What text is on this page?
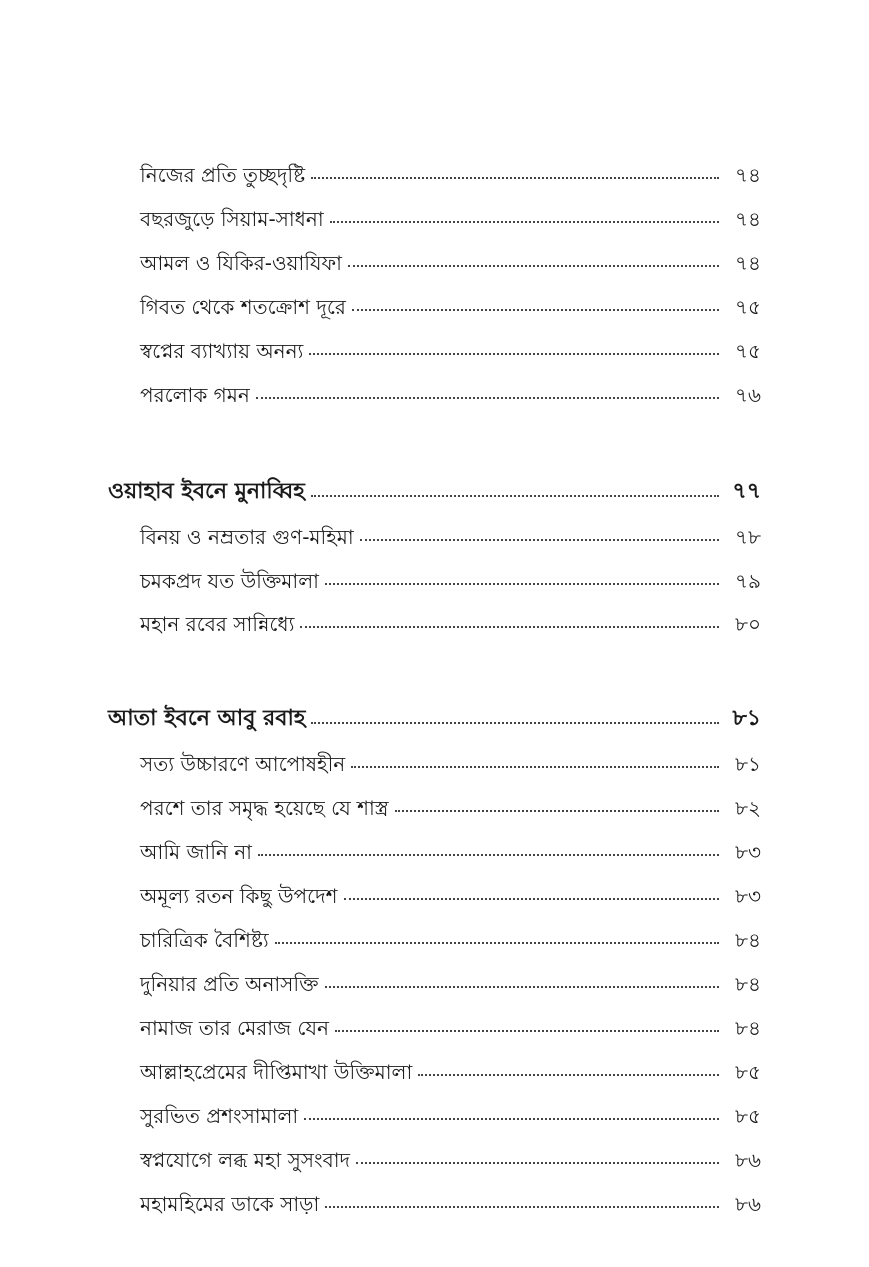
নিজের প্রতি তুচ্ছদৃষ্টি	৭৪
বছরজুড়ে সিয়াম-সাধনা	৭৪
আমল ও যিকির-ওয়াযিফা	৭৪
গিবত থেকে শতক্রোশ দূরে	৭৫
স্বপ্নের ব্যাখ্যায় অনন্য	৭৫
পরলোক গমন	৭৬
ওয়াহাব ইবনে মুনাব্বিহ	৭৭
বিনয় ও নম্রতার গুণ-মহিমা	৭৮
চমকপ্রদ যত উক্তিমালা	৭৯
মহান রবের সান্নিধ্যে	৮০
আতা ইবনে আবু রবাহ	৮১
সত্য উচ্চারণে আপোষহীন	৮১
পরশে তার সমৃদ্ধ হয়েছে যে শাস্ত্র	৮২
আমি জানি না	৮৩
অমূল্য রতন কিছু উপদেশ	৮৩
চারিত্রিক বৈশিষ্ট্য	৮৪
দুনিয়ার প্রতি অনাসক্তি	৮৪
নামাজ তার মেরাজ যেন	৮৪
আল্লাহপ্রেমের দীপ্তিমাখা উক্তিমালা	৮৫
সুরভিত প্রশংসামালা	৮৫
স্বপ্নযোগে লব্ধ মহা সুসংবাদ	৮৬
মহামহিমের ডাকে সাড়া	৮৬
